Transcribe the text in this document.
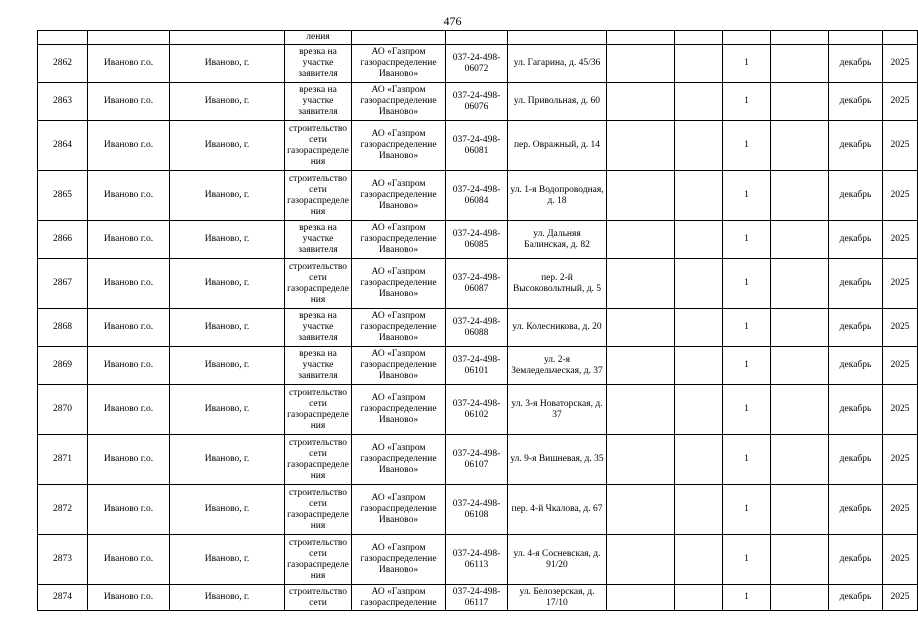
476
			ления									
2862	Иваново г.о.	Иваново, г.	врезка на участке заявителя	АО «Газпром газораспределение Иваново»	037-24-498-06072	ул. Гагарина, д. 45/36			1		декабрь	2025
2863	Иваново г.о.	Иваново, г.	врезка на участке заявителя	АО «Газпром газораспределение Иваново»	037-24-498-06076	ул. Привольная, д. 60			1		декабрь	2025
2864	Иваново г.о.	Иваново, г.	строительство сети газораспределения	АО «Газпром газораспределение Иваново»	037-24-498-06081	пер. Овражный, д. 14			1		декабрь	2025
2865	Иваново г.о.	Иваново, г.	строительство сети газораспределения	АО «Газпром газораспределение Иваново»	037-24-498-06084	ул. 1-я Водопроводная, д. 18			1		декабрь	2025
2866	Иваново г.о.	Иваново, г.	врезка на участке заявителя	АО «Газпром газораспределение Иваново»	037-24-498-06085	ул. Дальняя Балинская, д. 82			1		декабрь	2025
2867	Иваново г.о.	Иваново, г.	строительство сети газораспределения	АО «Газпром газораспределение Иваново»	037-24-498-06087	пер. 2-й Высоковольтный, д. 5			1		декабрь	2025
2868	Иваново г.о.	Иваново, г.	врезка на участке заявителя	АО «Газпром газораспределение Иваново»	037-24-498-06088	ул. Колесникова, д. 20			1		декабрь	2025
2869	Иваново г.о.	Иваново, г.	врезка на участке заявителя	АО «Газпром газораспределение Иваново»	037-24-498-06101	ул. 2-я Земледельческая, д. 37			1		декабрь	2025
2870	Иваново г.о.	Иваново, г.	строительство сети газораспределения	АО «Газпром газораспределение Иваново»	037-24-498-06102	ул. 3-я Новаторская, д. 37			1		декабрь	2025
2871	Иваново г.о.	Иваново, г.	строительство сети газораспределения	АО «Газпром газораспределение Иваново»	037-24-498-06107	ул. 9-я Вишневая, д. 35			1		декабрь	2025
2872	Иваново г.о.	Иваново, г.	строительство сети газораспределения	АО «Газпром газораспределение Иваново»	037-24-498-06108	пер. 4-й Чкалова, д. 67			1		декабрь	2025
2873	Иваново г.о.	Иваново, г.	строительство сети газораспределения	АО «Газпром газораспределение Иваново»	037-24-498-06113	ул. 4-я Сосневская, д. 91/20			1		декабрь	2025
2874	Иваново г.о.	Иваново, г.	строительство сети	АО «Газпром газораспределение	037-24-498-06117	ул. Белозерская, д. 17/10			1		декабрь	2025
